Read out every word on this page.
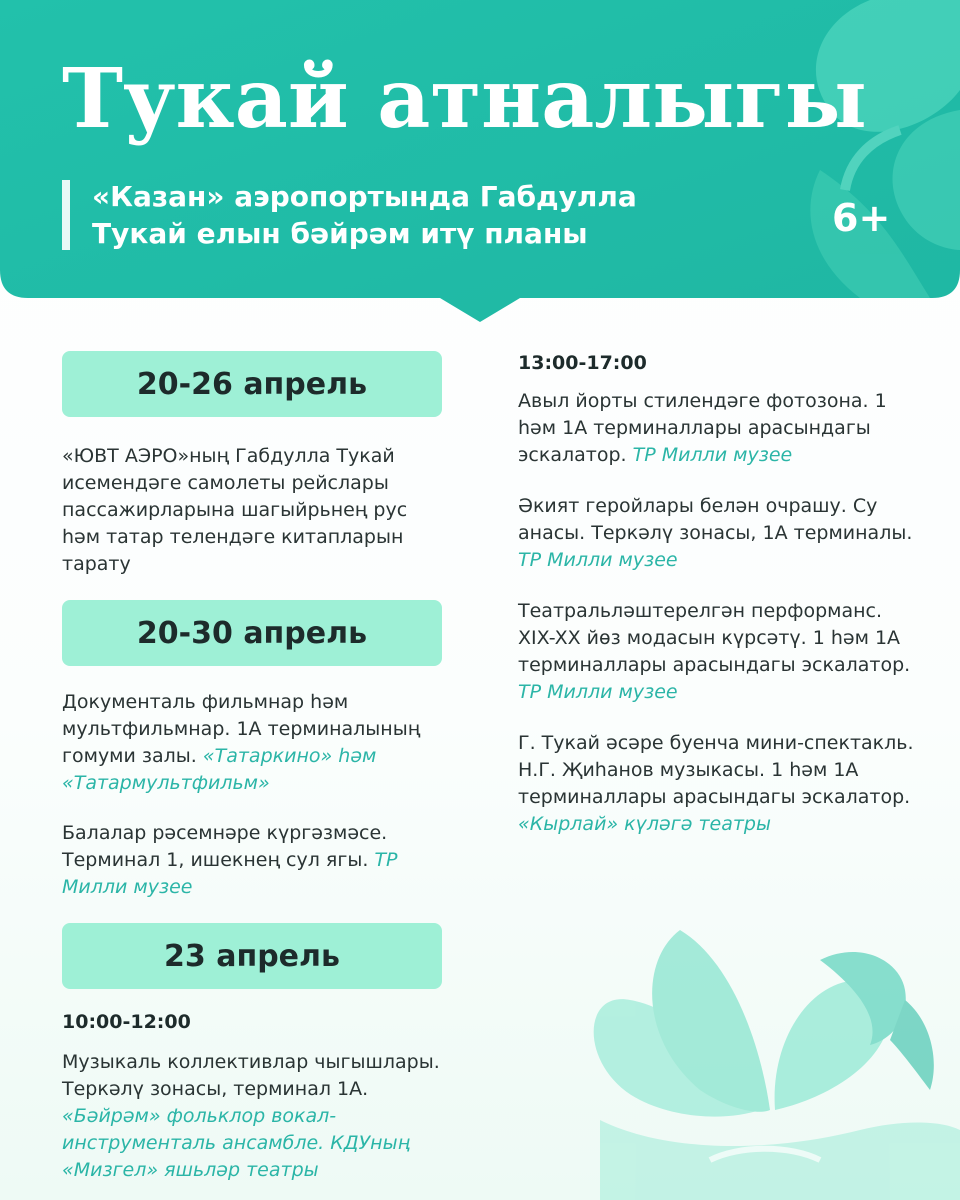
Тукай атналыгы
«Казан» аэропортында Габдулла
Тукай елын бәйрәм итү планы	6+
20-26 апрель

«ЮВТ АЭРО»ның Габдулла Тукай исемендәге самолеты рейслары пассажирларына шагыйрьнең рус һәм татар телендәге китапларын тарату

20-30 апрель

Документаль фильмнар һәм мультфильмнар. 1А терминалының гомуми залы. «Татаркино» һәм «Татармультфильм»

Балалар рәсемнәре күргәзмәсе. Терминал 1, ишекнең сул ягы. ТР Милли музее

23 апрель

10:00-12:00

Музыкаль коллективлар чыгышлары. Теркәлү зонасы, терминал 1А. «Бәйрәм» фольклор вокал-инструменталь ансамбле. КДУның «Мизгел» яшьләр театры

13:00-17:00

Авыл йорты стилендәге фотозона. 1 һәм 1А терминаллары арасындагы эскалатор. ТР Милли музее

Әкият геройлары белән очрашу. Су анасы. Теркәлү зонасы, 1А терминалы. ТР Милли музее

Театральләштерелгән перформанс. XIX-XX йөз модасын күрсәтү. 1 һәм 1А терминаллары арасындагы эскалатор. ТР Милли музее

Г. Тукай әсәре буенча мини-спектакль. Н.Г. Җиһанов музыкасы. 1 һәм 1А терминаллары арасындагы эскалатор. «Кырлай» күләгә театры
